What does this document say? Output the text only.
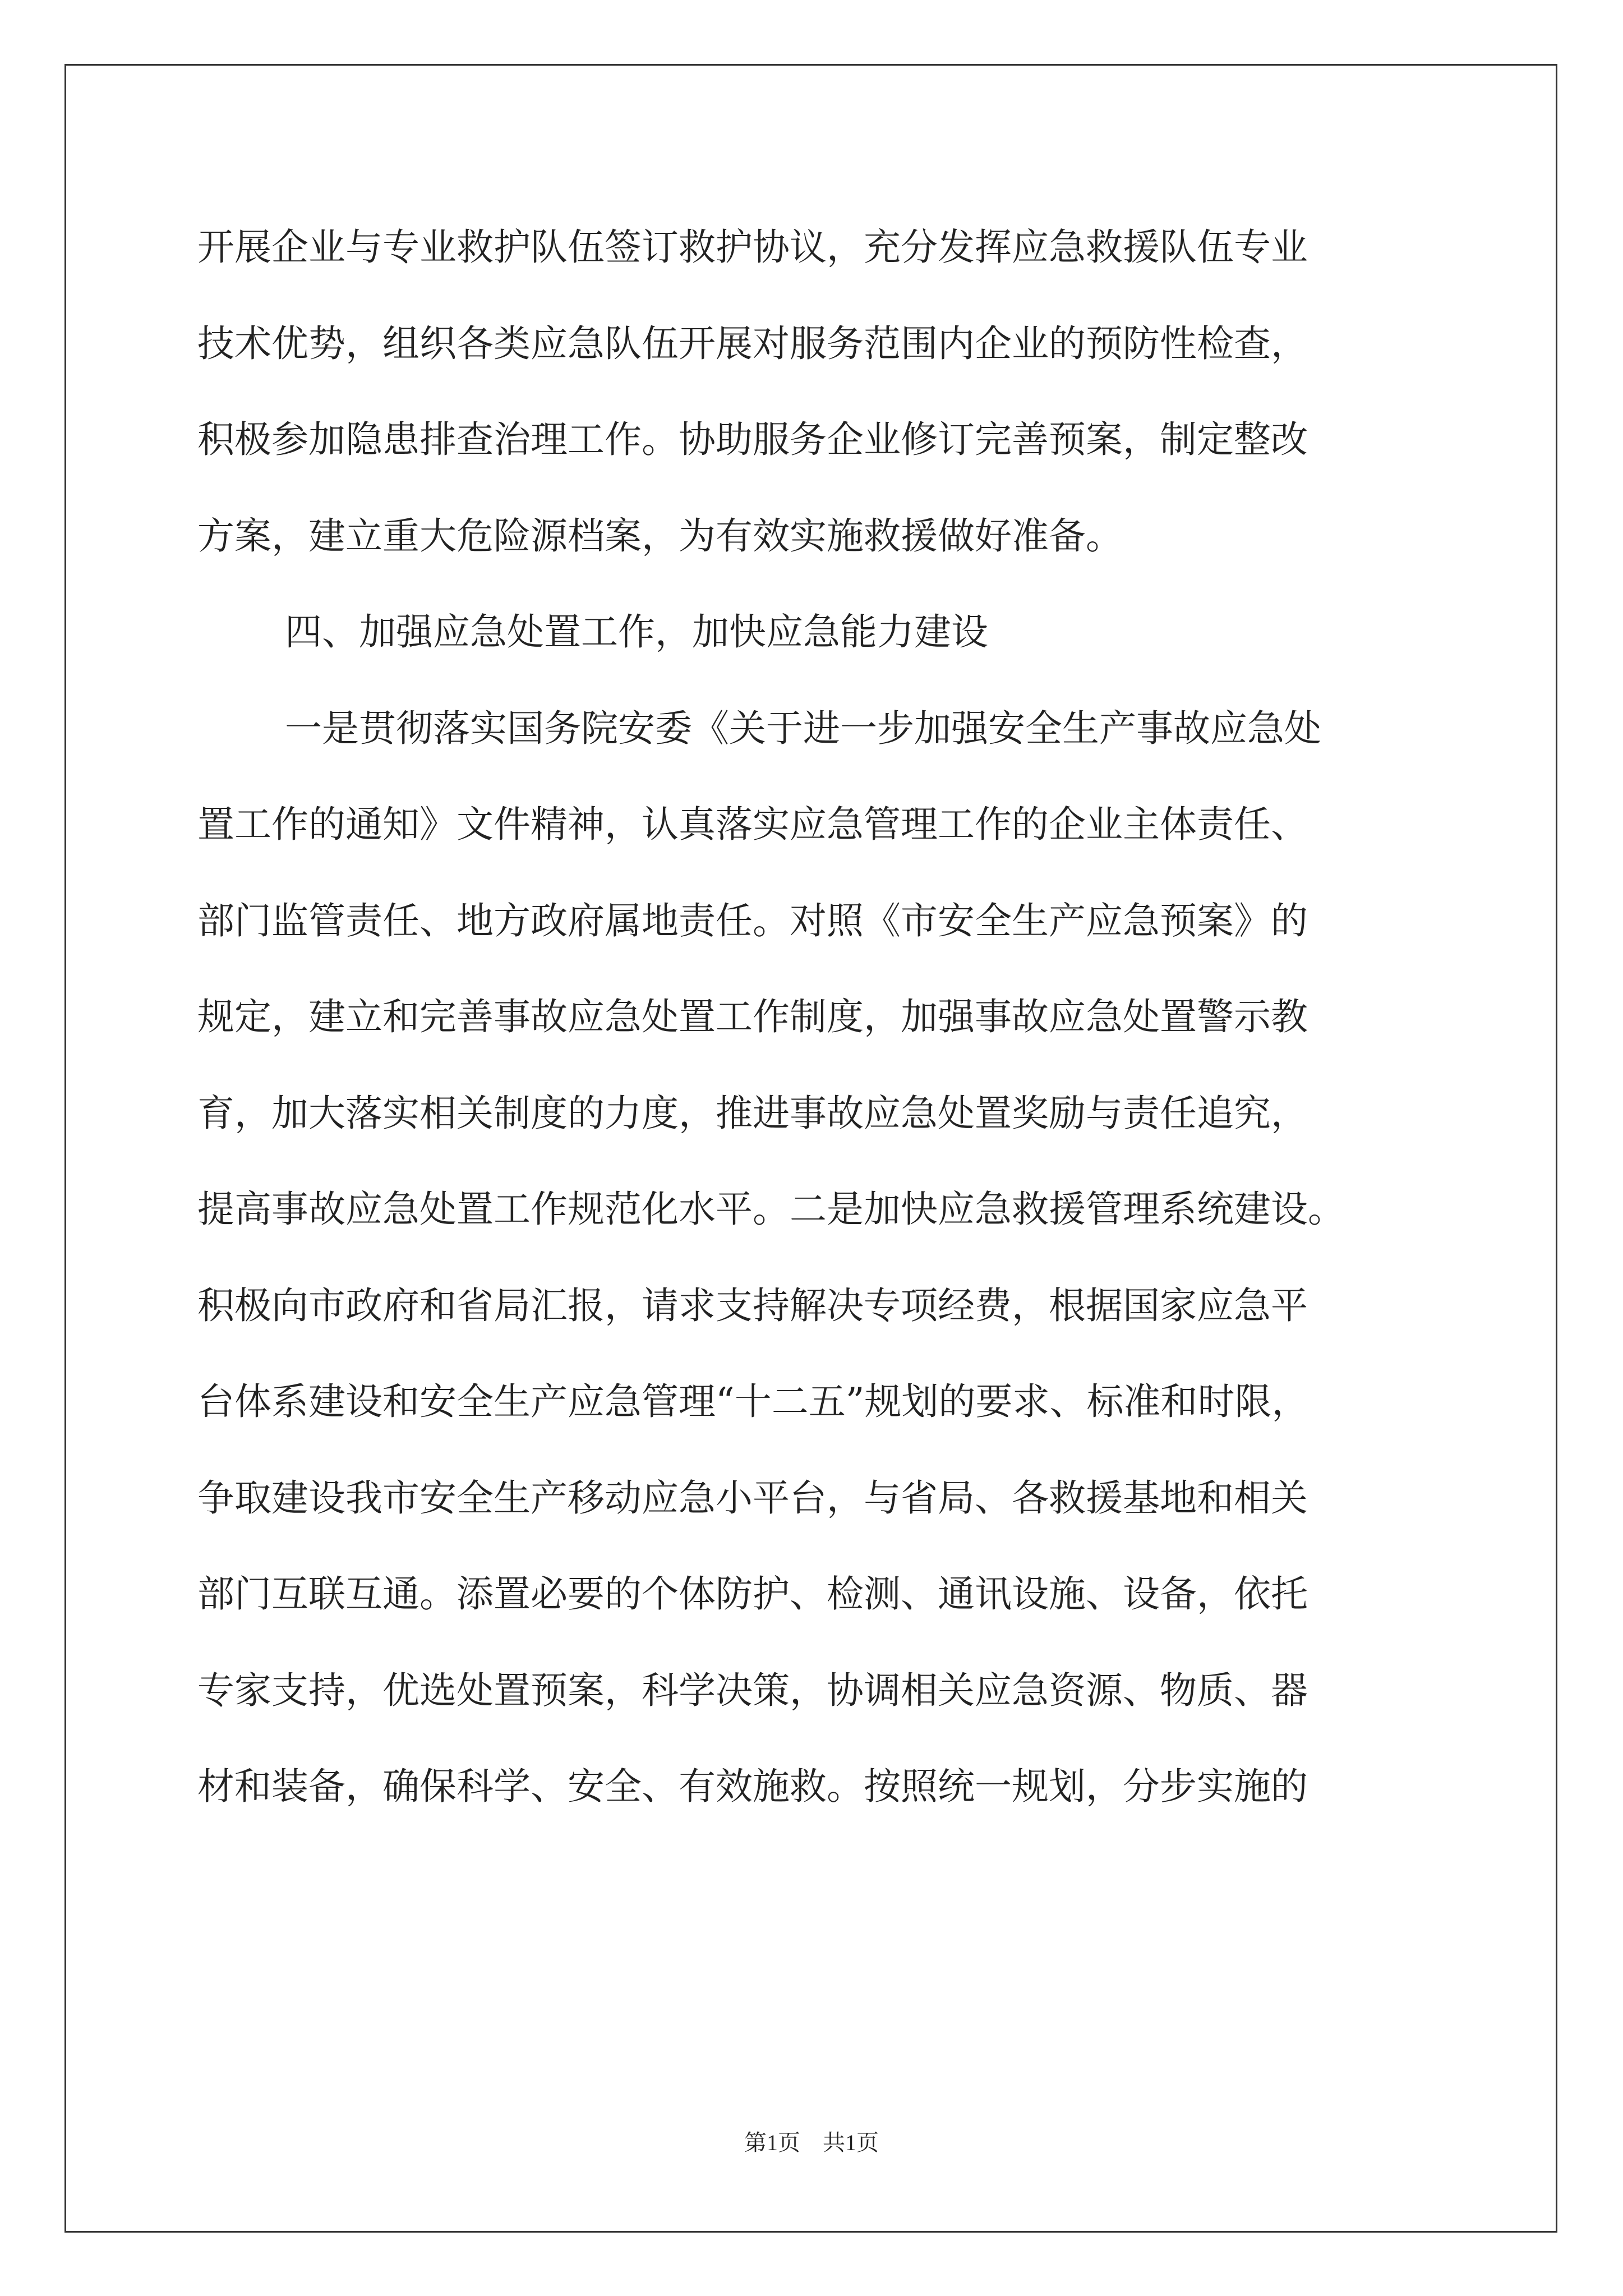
开展企业与专业救护队伍签订救护协议，充分发挥应急救援队伍专业
技术优势，组织各类应急队伍开展对服务范围内企业的预防性检查，
积极参加隐患排查治理工作。协助服务企业修订完善预案，制定整改
方案，建立重大危险源档案，为有效实施救援做好准备。
四、加强应急处置工作，加快应急能力建设
一是贯彻落实国务院安委《关于进一步加强安全生产事故应急处
置工作的通知》文件精神，认真落实应急管理工作的企业主体责任、
部门监管责任、地方政府属地责任。对照《市安全生产应急预案》的
规定，建立和完善事故应急处置工作制度，加强事故应急处置警示教
育，加大落实相关制度的力度，推进事故应急处置奖励与责任追究，
提高事故应急处置工作规范化水平。二是加快应急救援管理系统建设。
积极向市政府和省局汇报，请求支持解决专项经费，根据国家应急平
台体系建设和安全生产应急管理“十二五”规划的要求、标准和时限，
争取建设我市安全生产移动应急小平台，与省局、各救援基地和相关
部门互联互通。添置必要的个体防护、检测、通讯设施、设备，依托
专家支持，优选处置预案，科学决策，协调相关应急资源、物质、器
材和装备，确保科学、安全、有效施救。按照统一规划，分步实施的
第1页　共1页
